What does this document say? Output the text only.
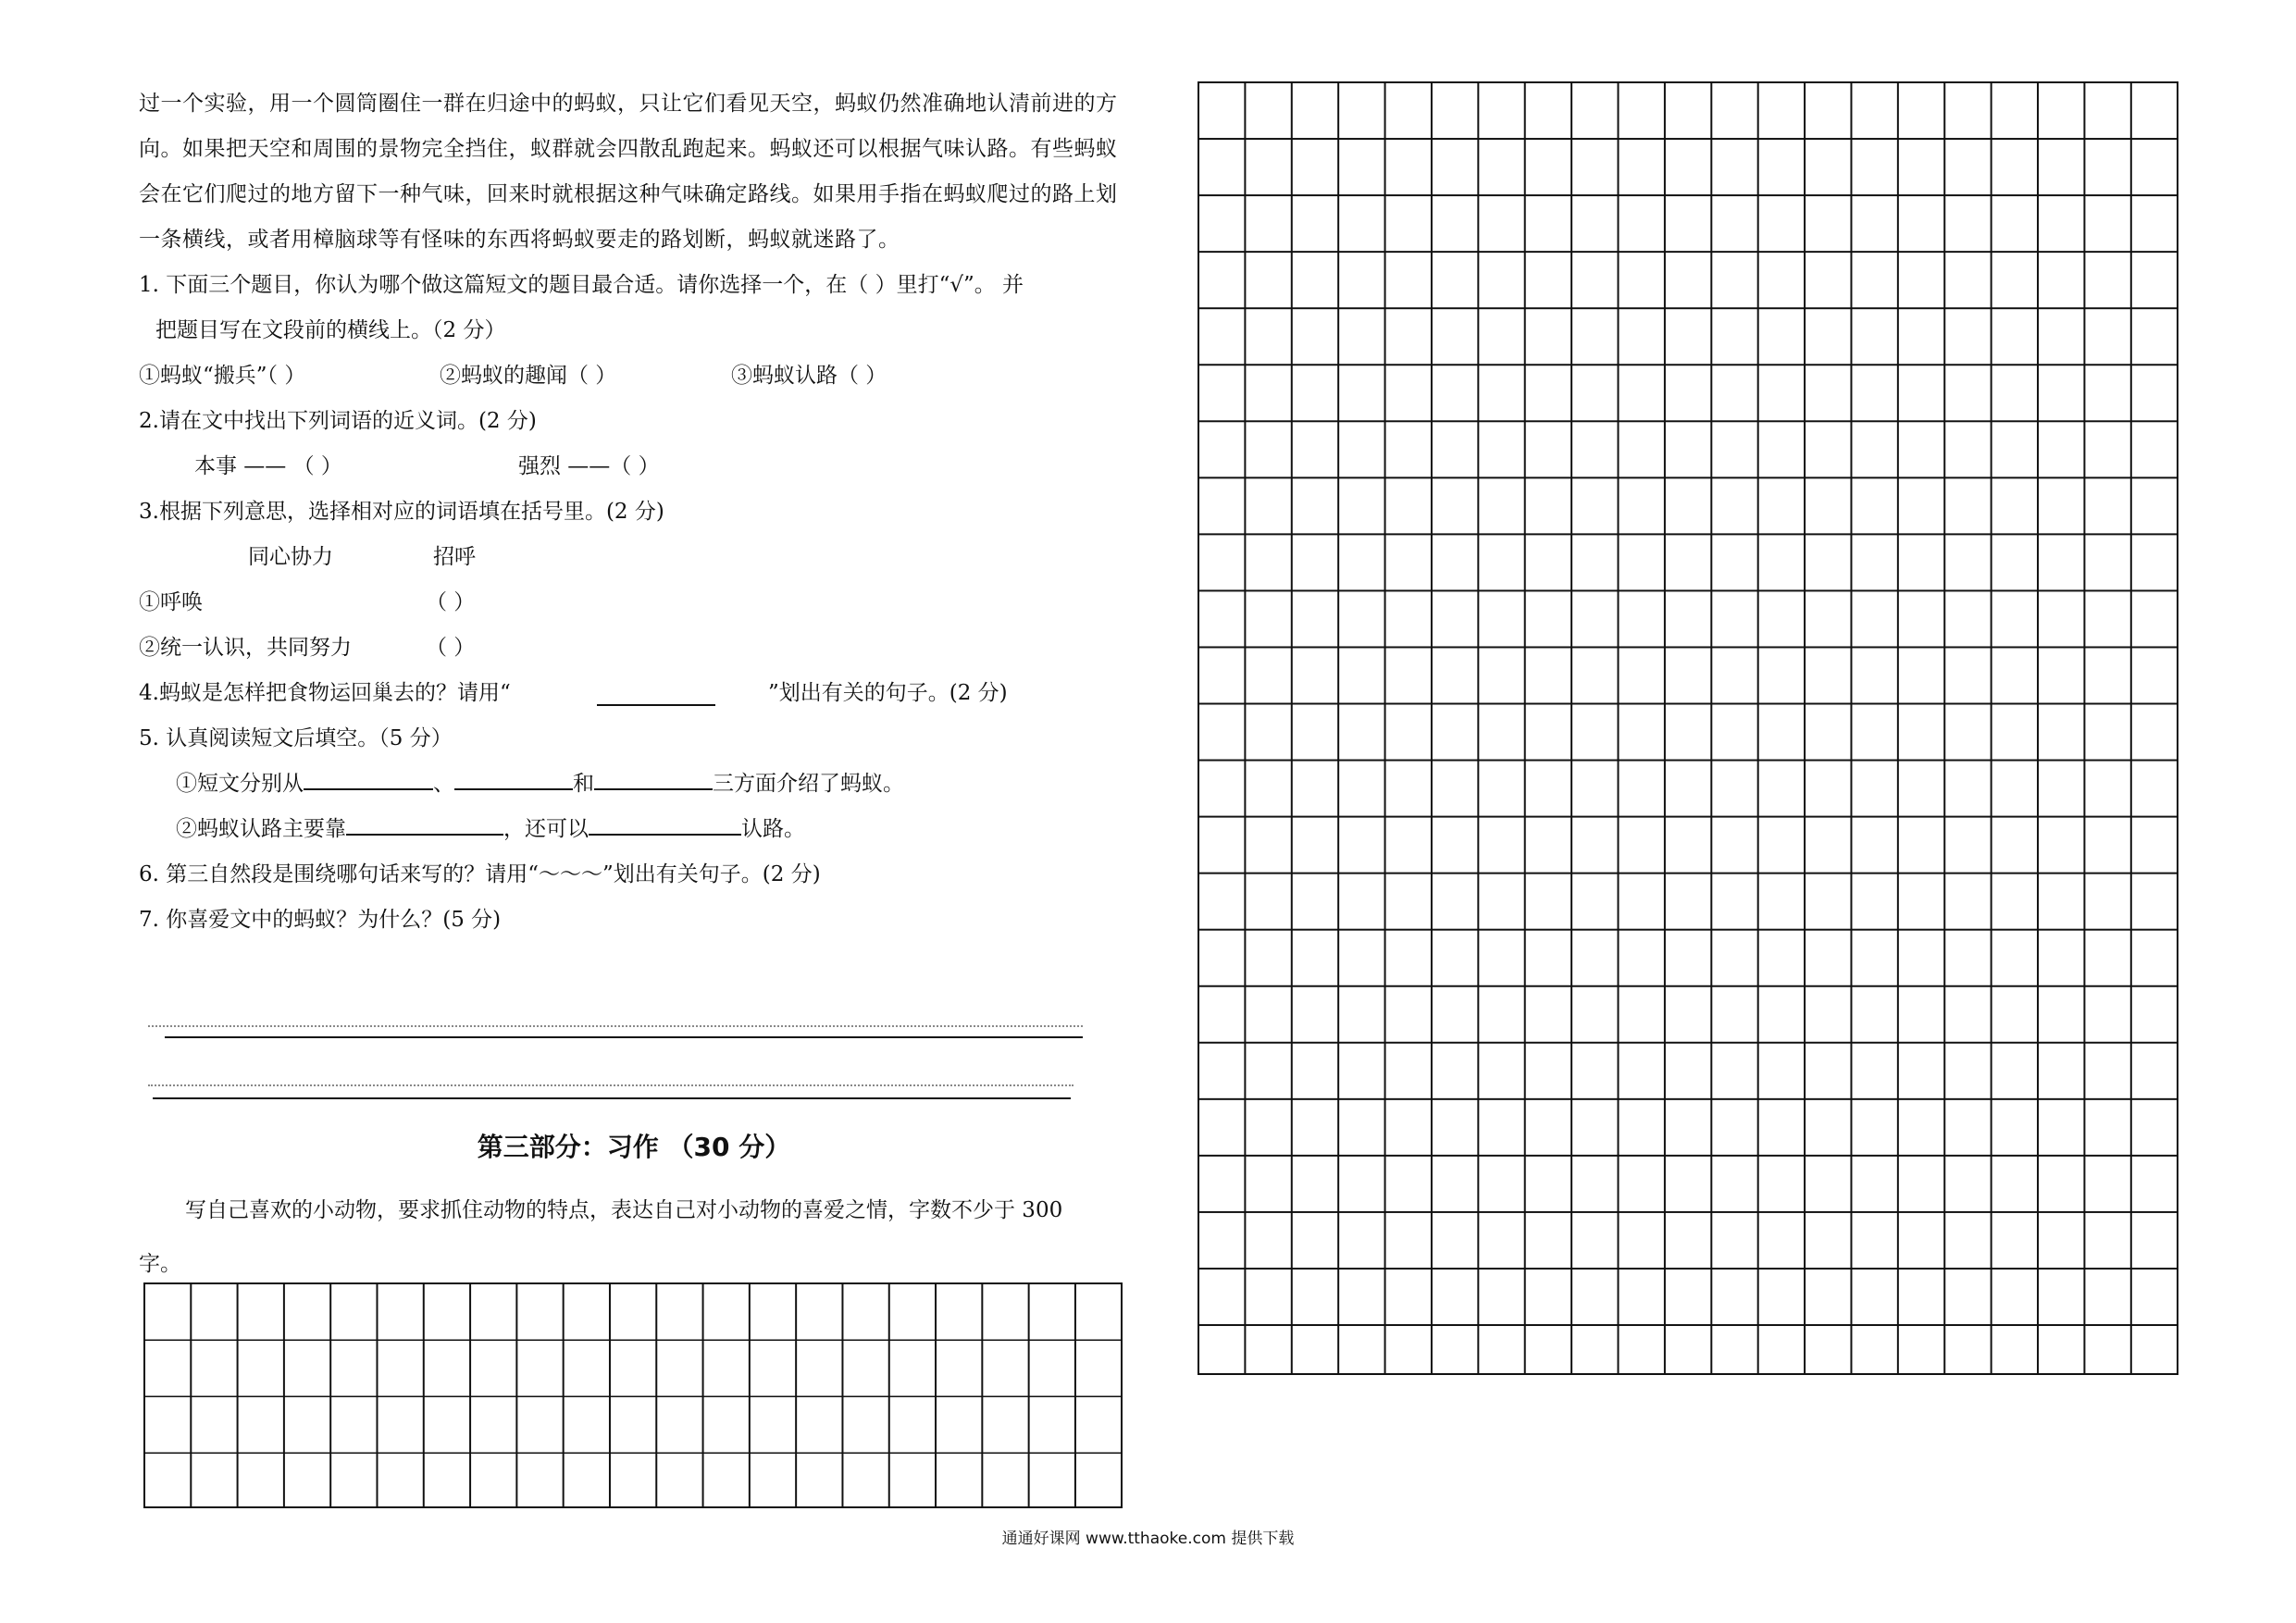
过一个实验，用一个圆筒圈住一群在归途中的蚂蚁，只让它们看见天空，蚂蚁仍然准确地认清前进的方向。如果把天空和周围的景物完全挡住，蚁群就会四散乱跑起来。蚂蚁还可以根据气味认路。有些蚂蚁会在它们爬过的地方留下一种气味，回来时就根据这种气味确定路线。如果用手指在蚂蚁爬过的路上划一条横线，或者用樟脑球等有怪味的东西将蚂蚁要走的路划断，蚂蚁就迷路了。

1. 下面三个题目，你认为哪个做这篇短文的题目最合适。请你选择一个，在（ ）里打“√”。 并
把题目写在文段前的横线上。（2 分）
①蚂蚁“搬兵”（ ）	②蚂蚁的趣闻（ ）	③蚂蚁认路（ ）
2.请在文中找出下列词语的近义词。(2 分)
本事 —— （ ）	强烈 ——（ ）
3.根据下列意思，选择相对应的词语填在括号里。(2 分)
同心协力	招呼
①呼唤	（ ）
②统一认识，共同努力	（ ）
4.蚂蚁是怎样把食物运回巢去的？请用“	”划出有关的句子。(2 分)
5. 认真阅读短文后填空。（5 分）
①短文分别从	、	和	三方面介绍了蚂蚁。
②蚂蚁认路主要靠	，还可以	认路。
6. 第三自然段是围绕哪句话来写的？请用“～～～”划出有关句子。(2 分)
7. 你喜爱文中的蚂蚁？为什么？(5 分)
第三部分：习作 （30 分）
写自己喜欢的小动物，要求抓住动物的特点，表达自己对小动物的喜爱之情，字数不少于 300
字。
通通好课网 www.tthaoke.com 提供下载
